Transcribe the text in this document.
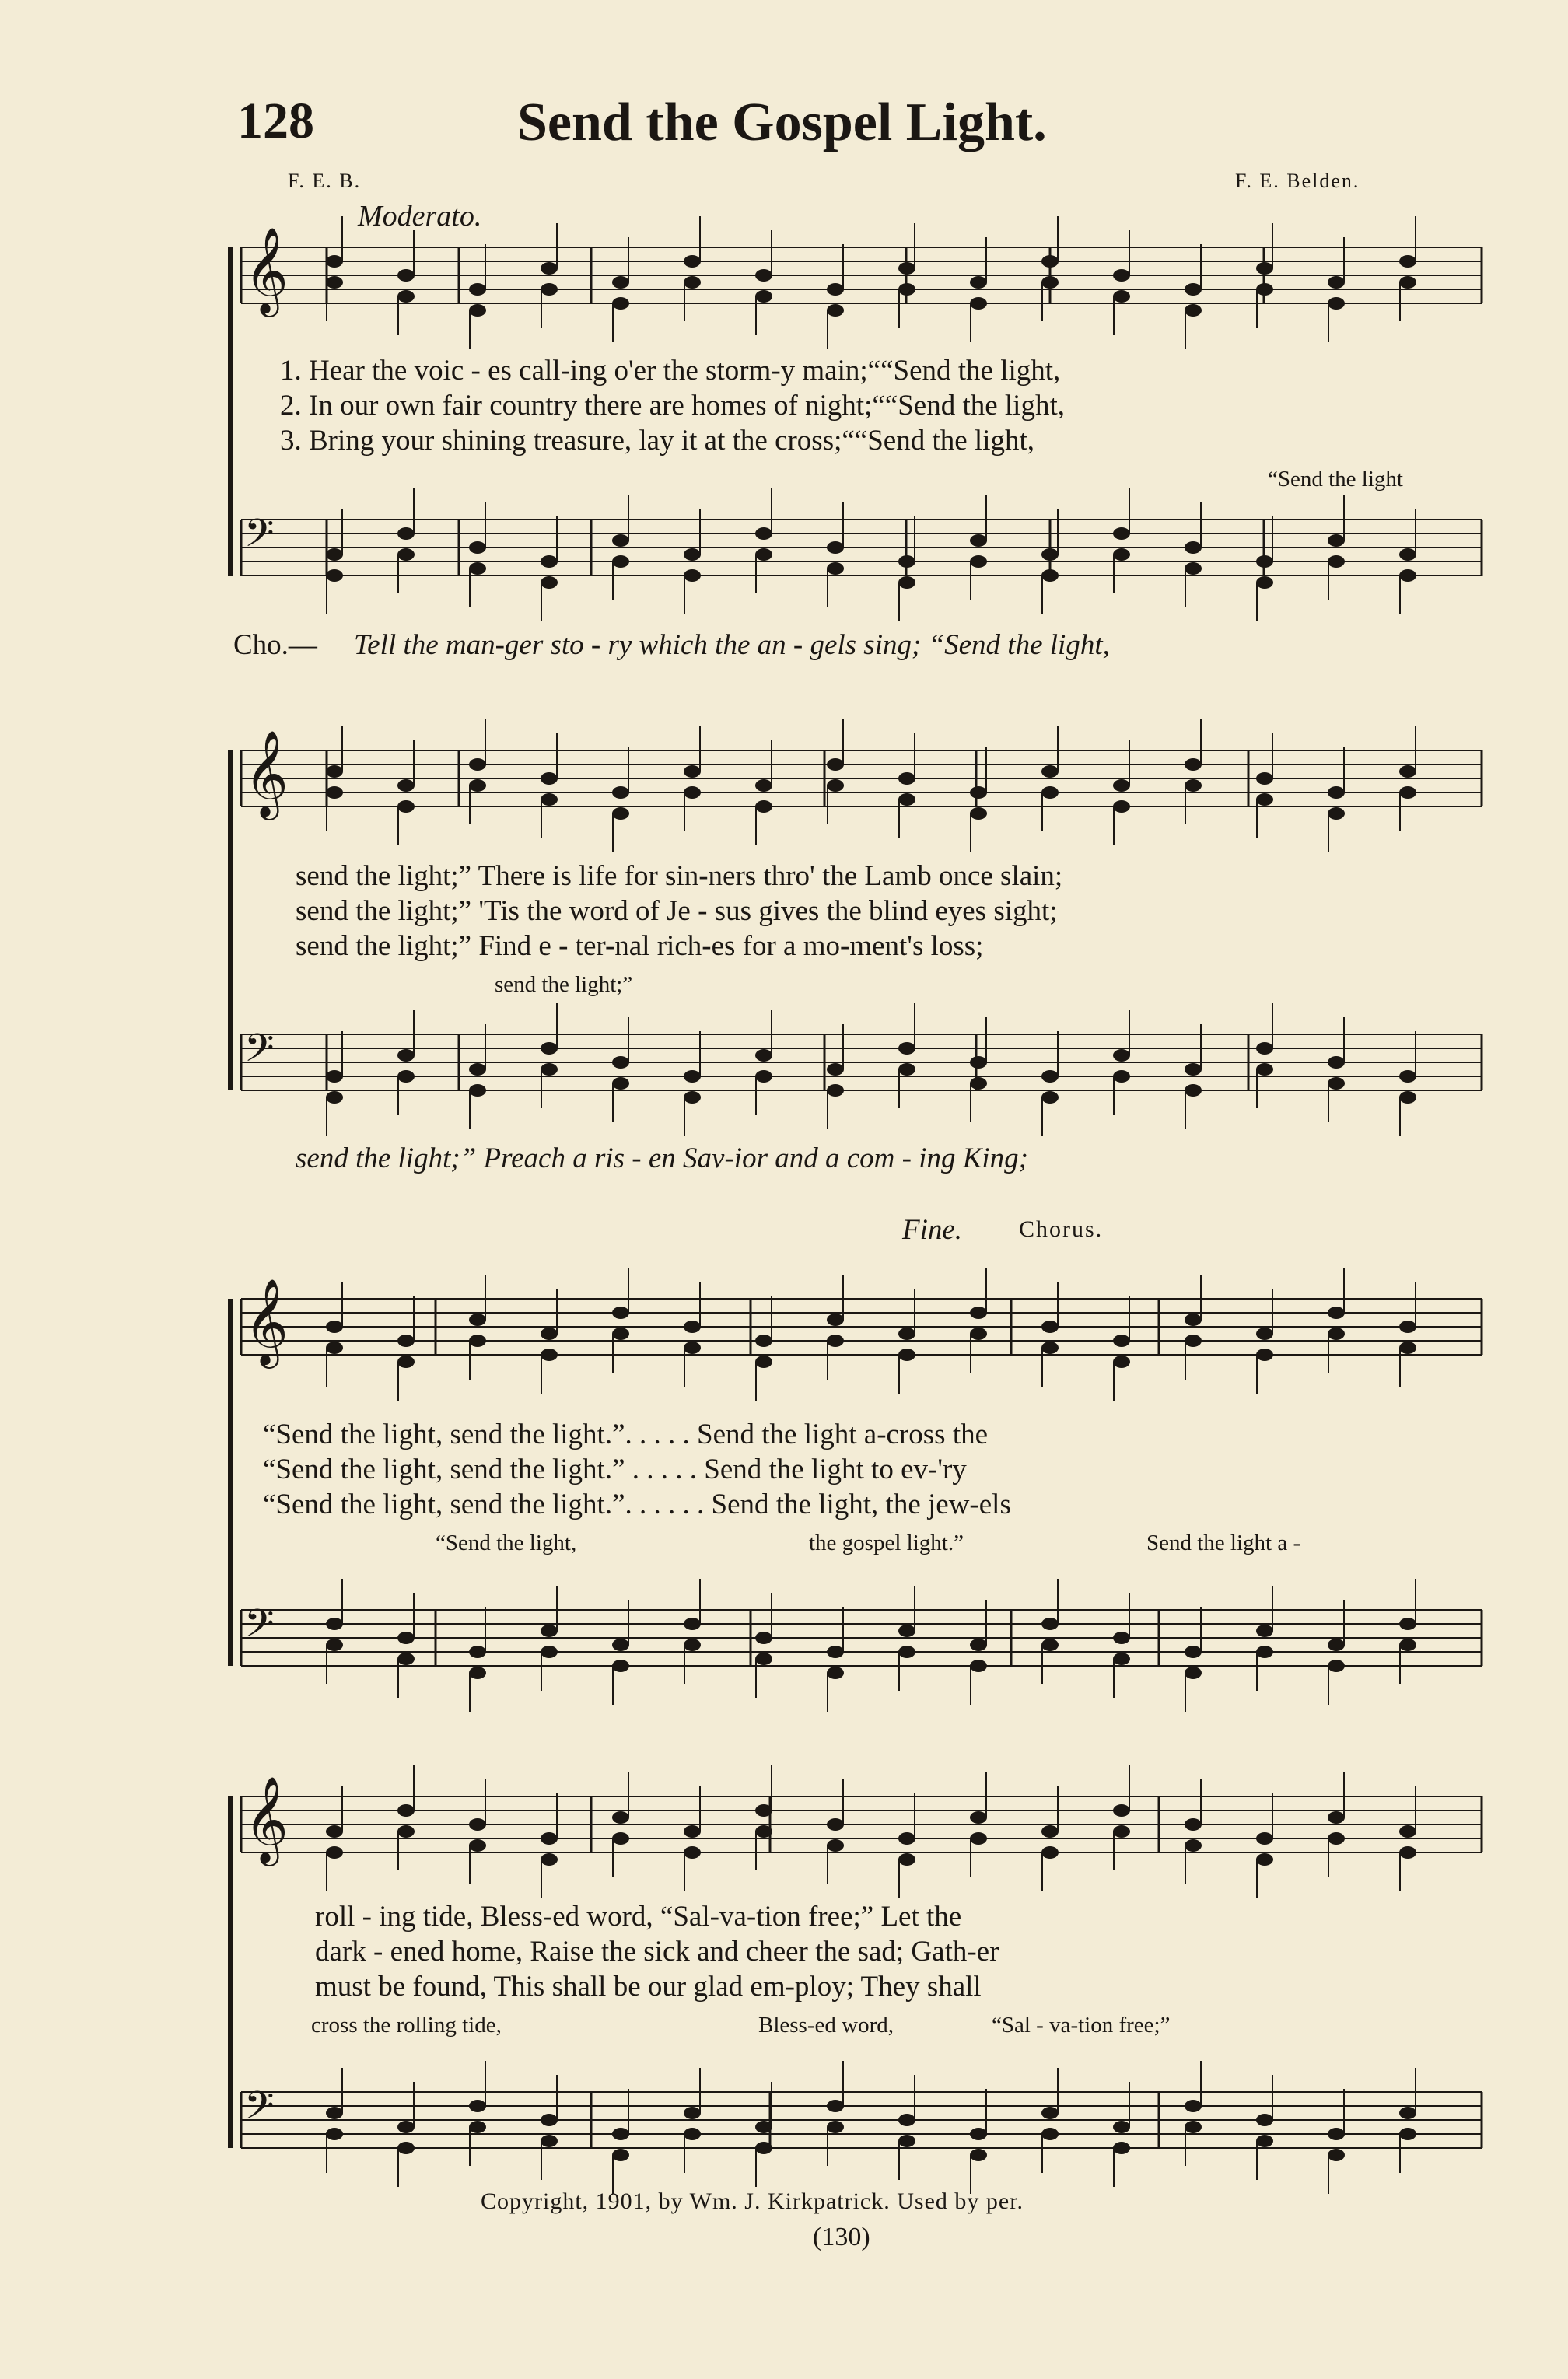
128	Send the Gospel Light.
F. E. B.	F. E. Belden.
Moderato.
𝄞
𝄢
𝄞
𝄢
𝄞
𝄢
𝄞
𝄢
1. Hear the voic - es call-ing o'er the storm-y main;““Send the light,
2. In our own fair country there are homes of night;““Send the light,
3. Bring your shining treasure, lay it at the cross;““Send the light,
“Send the light
Cho.— Tell the man-ger sto - ry which the an - gels sing; “Send the light,
send the light;” There is life for sin-ners thro' the Lamb once slain;
send the light;” 'Tis the word of Je - sus gives the blind eyes sight;
send the light;” Find e - ter-nal rich-es for a mo-ment's loss;
send the light;”
send the light;” Preach a ris - en Sav-ior and a com - ing King;
Fine. Chorus.
“Send the light, send the light.”. . . . . Send the light a-cross the
“Send the light, send the light.” . . . . . Send the light to ev-'ry
“Send the light, send the light.”. . . . . . Send the light, the jew-els
“Send the light,	the gospel light.”	Send the light a -
roll - ing tide, Bless-ed word, “Sal-va-tion free;” Let the
dark - ened home, Raise the sick and cheer the sad; Gath-er
must be found, This shall be our glad em-ploy; They shall
cross the rolling tide,	Bless-ed word,	“Sal - va-tion free;”
Copyright, 1901, by Wm. J. Kirkpatrick. Used by per.
(130)
